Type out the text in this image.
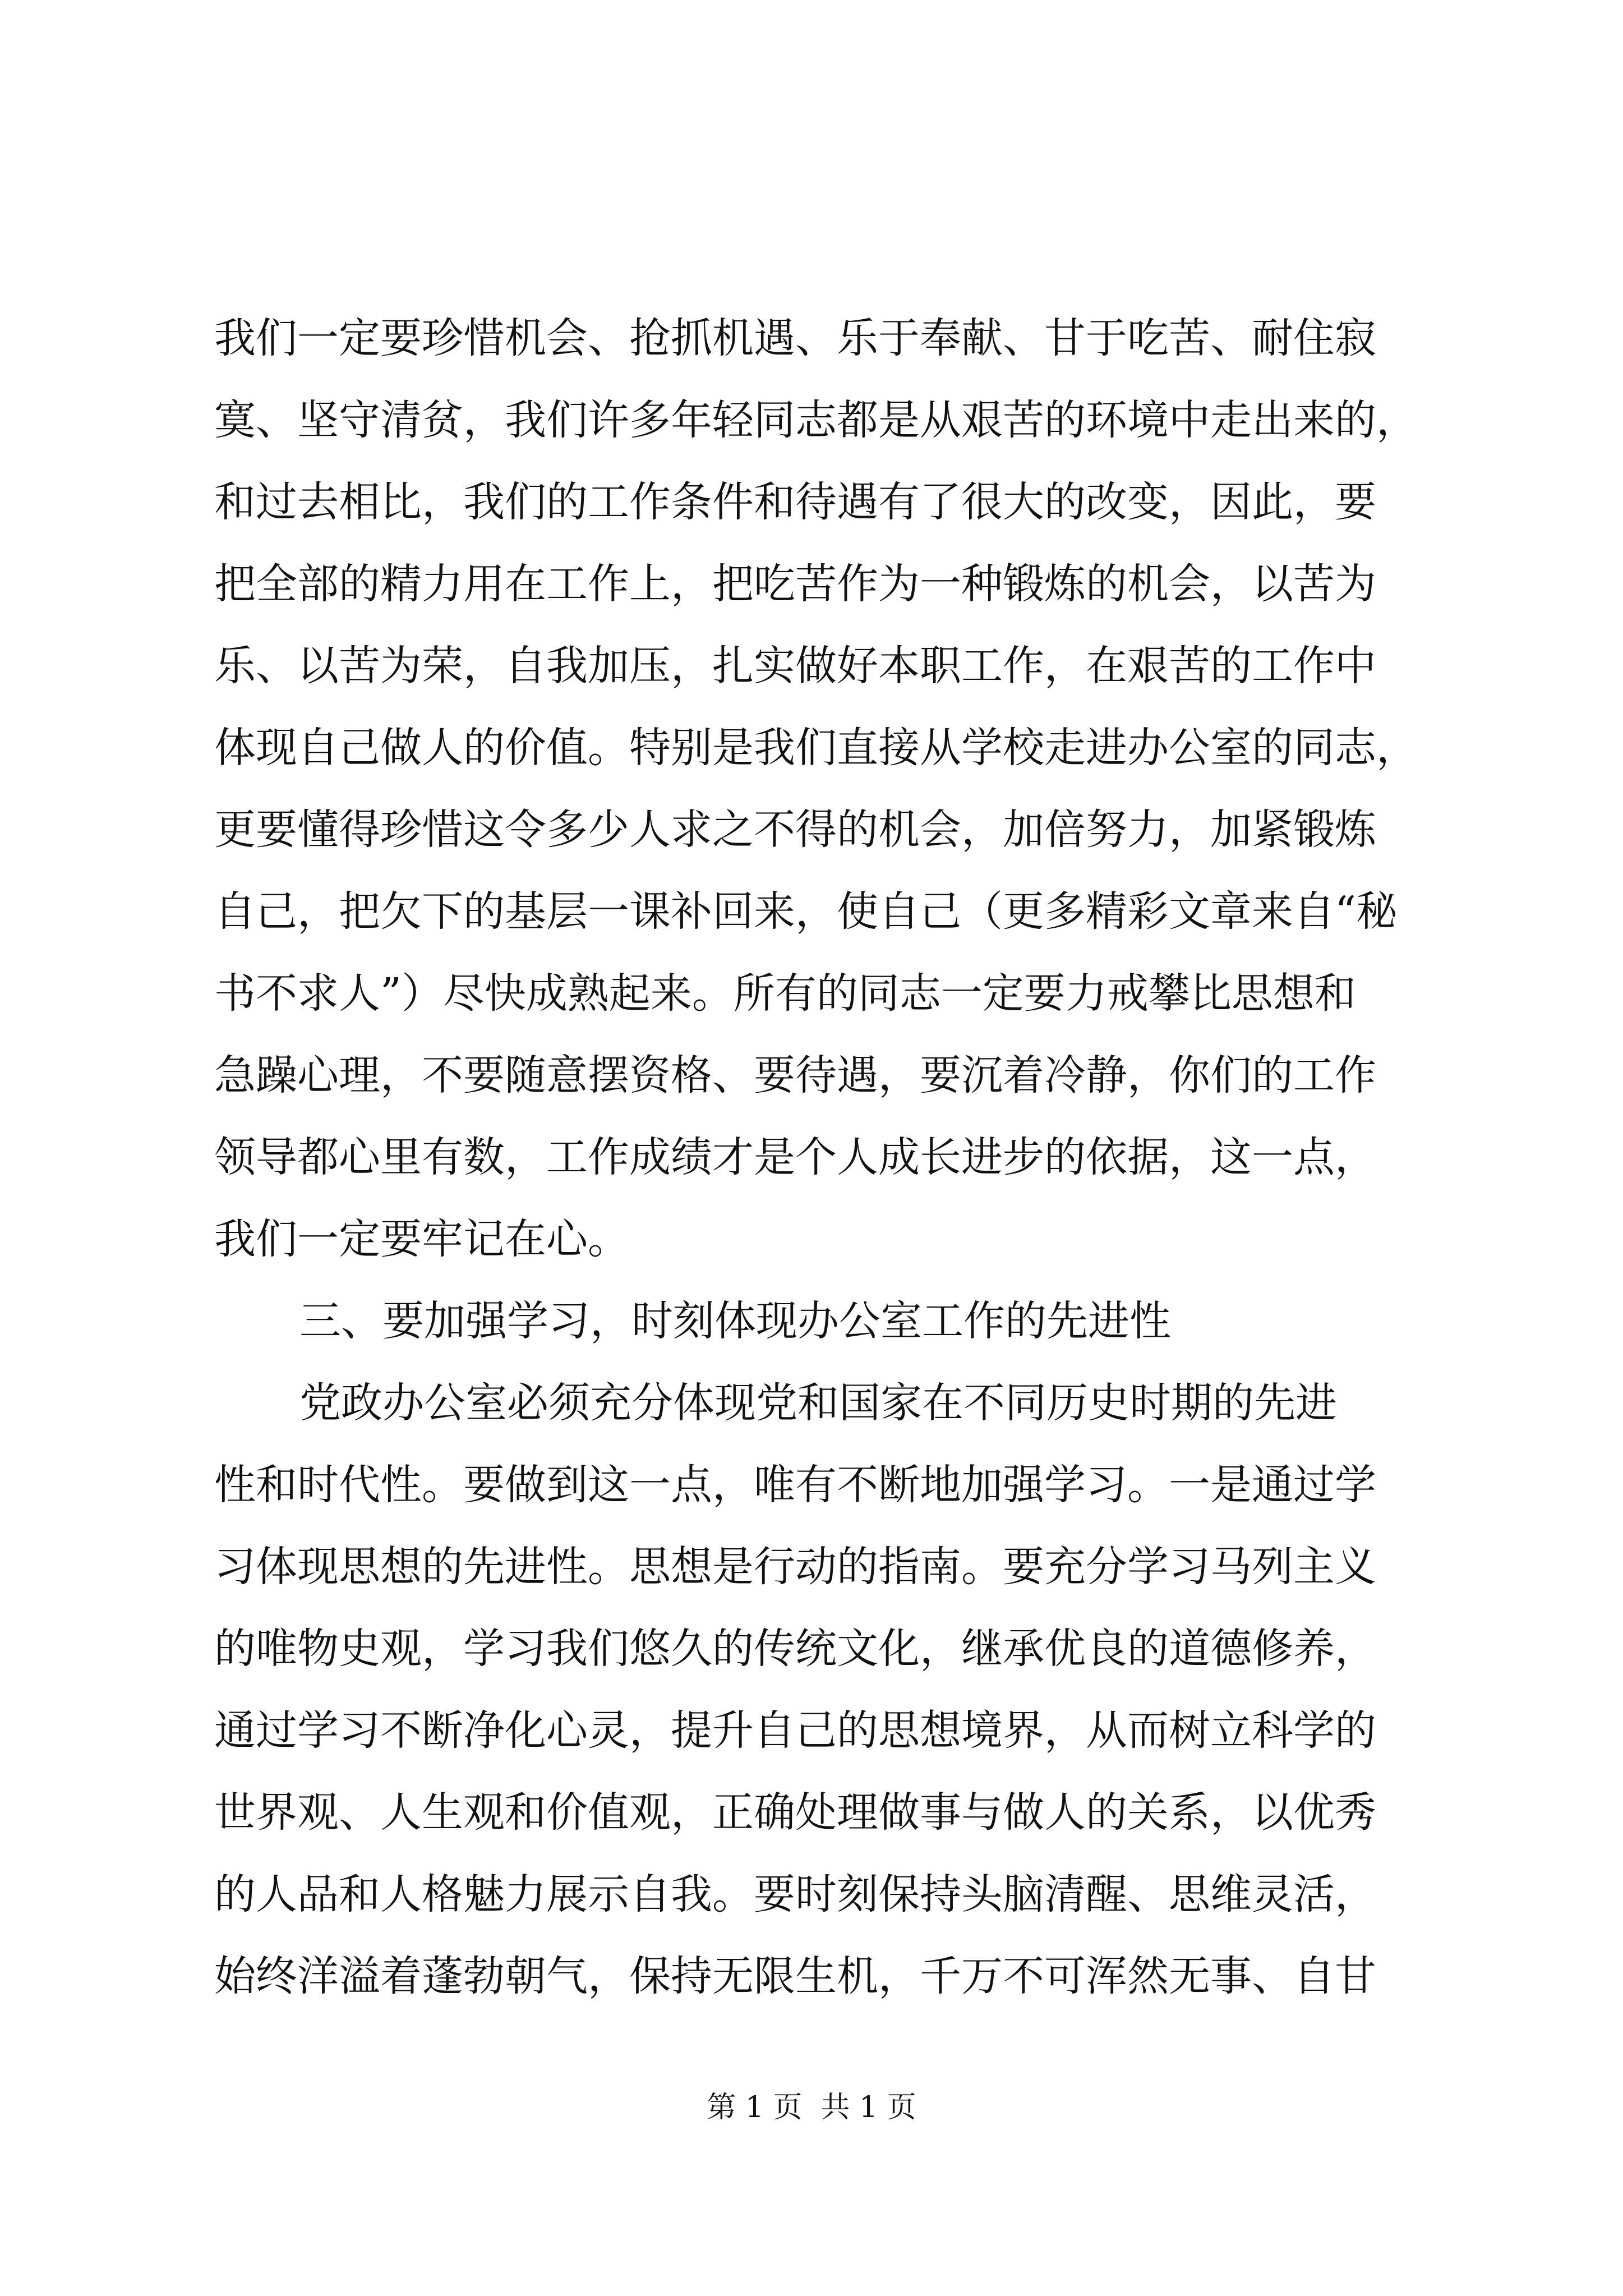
我们一定要珍惜机会、抢抓机遇、乐于奉献、甘于吃苦、耐住寂
寞、坚守清贫，我们许多年轻同志都是从艰苦的环境中走出来的，
和过去相比，我们的工作条件和待遇有了很大的改变，因此，要
把全部的精力用在工作上，把吃苦作为一种锻炼的机会，以苦为
乐、以苦为荣，自我加压，扎实做好本职工作，在艰苦的工作中
体现自己做人的价值。特别是我们直接从学校走进办公室的同志，
更要懂得珍惜这令多少人求之不得的机会，加倍努力，加紧锻炼
自己，把欠下的基层一课补回来，使自己（更多精彩文章来自“秘
书不求人”）尽快成熟起来。所有的同志一定要力戒攀比思想和
急躁心理，不要随意摆资格、要待遇，要沉着冷静，你们的工作
领导都心里有数，工作成绩才是个人成长进步的依据，这一点，
我们一定要牢记在心。
三、要加强学习，时刻体现办公室工作的先进性
党政办公室必须充分体现党和国家在不同历史时期的先进
性和时代性。要做到这一点，唯有不断地加强学习。一是通过学
习体现思想的先进性。思想是行动的指南。要充分学习马列主义
的唯物史观，学习我们悠久的传统文化，继承优良的道德修养，
通过学习不断净化心灵，提升自己的思想境界，从而树立科学的
世界观、人生观和价值观，正确处理做事与做人的关系，以优秀
的人品和人格魅力展示自我。要时刻保持头脑清醒、思维灵活，
始终洋溢着蓬勃朝气，保持无限生机，千万不可浑然无事、自甘
第 1 页  共 1 页
